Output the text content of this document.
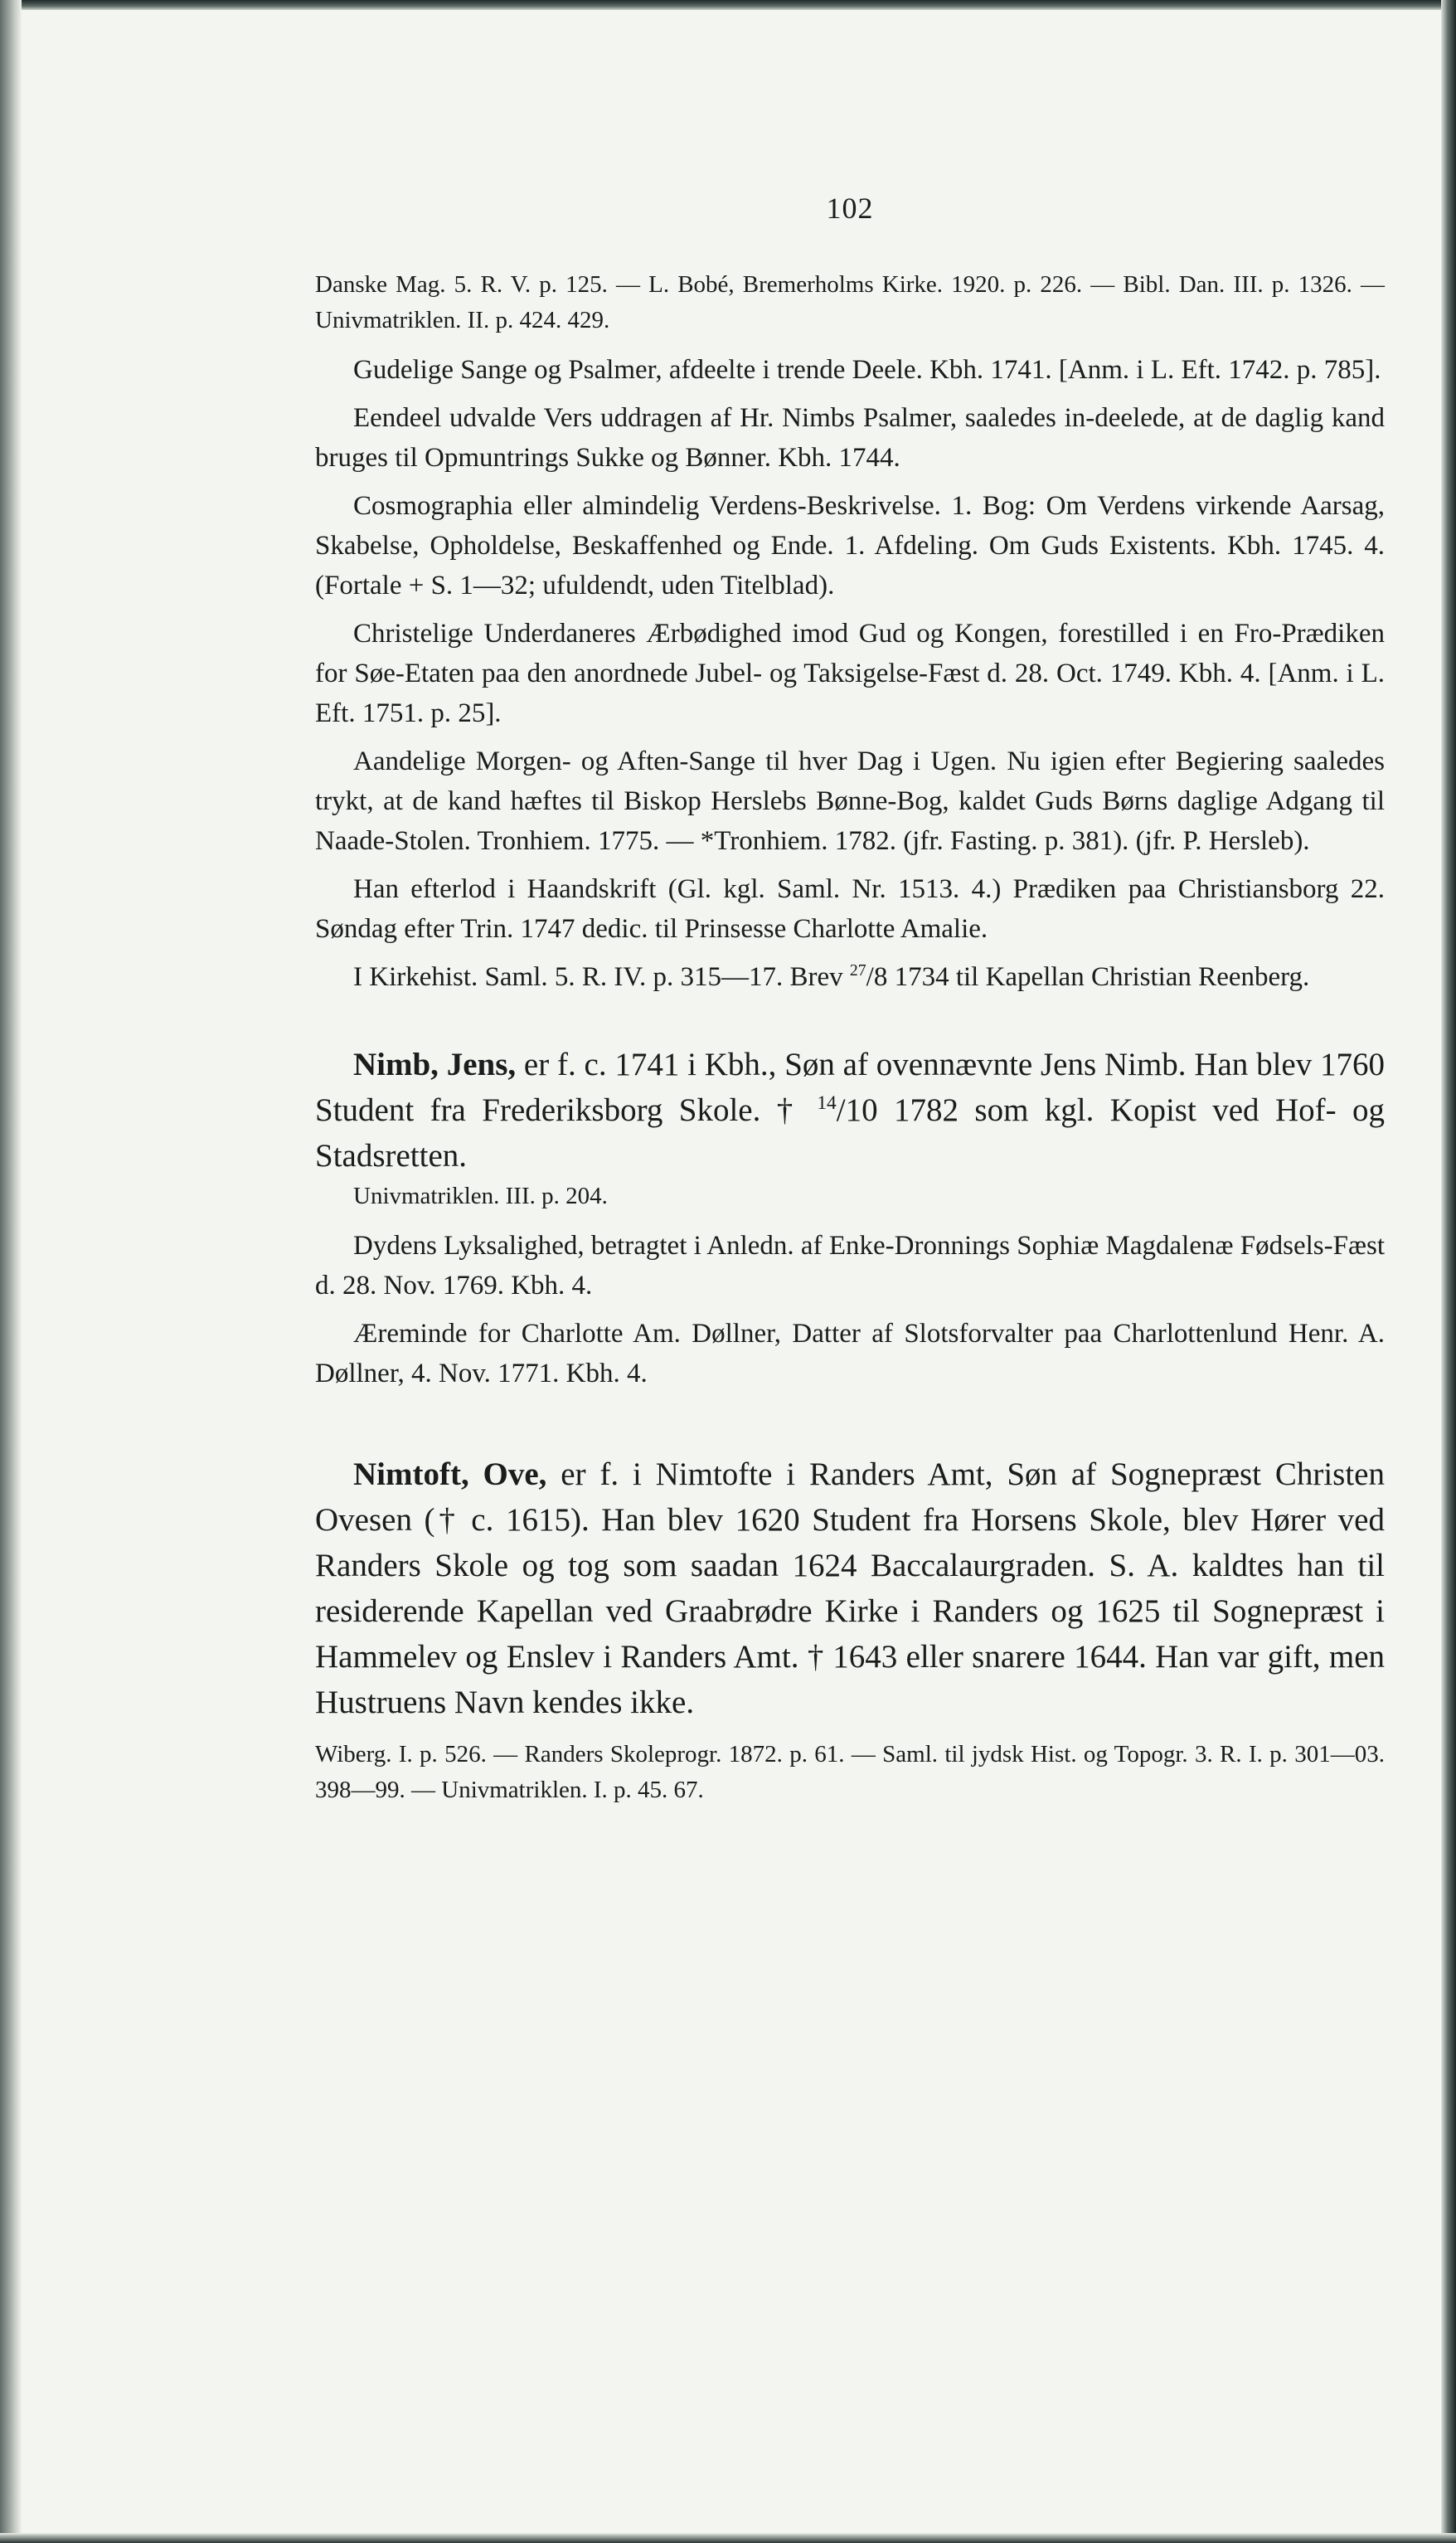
102

Danske Mag. 5. R. V. p. 125. — L. Bobé, Bremerholms Kirke. 1920. p. 226. — Bibl. Dan. III. p. 1326. — Univmatriklen. II. p. 424. 429.

Gudelige Sange og Psalmer, afdeelte i trende Deele. Kbh. 1741. [Anm. i L. Eft. 1742. p. 785].

Eendeel udvalde Vers uddragen af Hr. Nimbs Psalmer, saaledes in-deelede, at de daglig kand bruges til Opmuntrings Sukke og Bønner. Kbh. 1744.

Cosmographia eller almindelig Verdens-Beskrivelse. 1. Bog: Om Verdens virkende Aarsag, Skabelse, Opholdelse, Beskaffenhed og Ende. 1. Afdeling. Om Guds Existents. Kbh. 1745. 4. (Fortale + S. 1—32; ufuldendt, uden Titelblad).

Christelige Underdaneres Ærbødighed imod Gud og Kongen, forestilled i en Fro-Prædiken for Søe-Etaten paa den anordnede Jubel- og Taksigelse-Fæst d. 28. Oct. 1749. Kbh. 4. [Anm. i L. Eft. 1751. p. 25].

Aandelige Morgen- og Aften-Sange til hver Dag i Ugen. Nu igien efter Begiering saaledes trykt, at de kand hæftes til Biskop Herslebs Bønne-Bog, kaldet Guds Børns daglige Adgang til Naade-Stolen. Tronhiem. 1775. — *Tronhiem. 1782. (jfr. Fasting. p. 381). (jfr. P. Hersleb).

Han efterlod i Haandskrift (Gl. kgl. Saml. Nr. 1513. 4.) Prædiken paa Christiansborg 22. Søndag efter Trin. 1747 dedic. til Prinsesse Charlotte Amalie.

I Kirkehist. Saml. 5. R. IV. p. 315—17. Brev $^{27}$/8 1734 til Kapellan Christian Reenberg.

Nimb, Jens, er f. c. 1741 i Kbh., Søn af ovennævnte Jens Nimb. Han blev 1760 Student fra Frederiksborg Skole. † $^{14}$/10 1782 som kgl. Kopist ved Hof- og Stadsretten.

Univmatriklen. III. p. 204.

Dydens Lyksalighed, betragtet i Anledn. af Enke-Dronnings Sophiæ Magdalenæ Fødsels-Fæst d. 28. Nov. 1769. Kbh. 4.

Æreminde for Charlotte Am. Døllner, Datter af Slotsforvalter paa Charlottenlund Henr. A. Døllner, 4. Nov. 1771. Kbh. 4.

Nimtoft, Ove, er f. i Nimtofte i Randers Amt, Søn af Sognepræst Christen Ovesen († c. 1615). Han blev 1620 Student fra Horsens Skole, blev Hører ved Randers Skole og tog som saadan 1624 Baccalaurgraden. S. A. kaldtes han til residerende Kapellan ved Graabrødre Kirke i Randers og 1625 til Sognepræst i Hammelev og Enslev i Randers Amt. † 1643 eller snarere 1644. Han var gift, men Hustruens Navn kendes ikke.

Wiberg. I. p. 526. — Randers Skoleprogr. 1872. p. 61. — Saml. til jydsk Hist. og Topogr. 3. R. I. p. 301—03. 398—99. — Univmatriklen. I. p. 45. 67.
